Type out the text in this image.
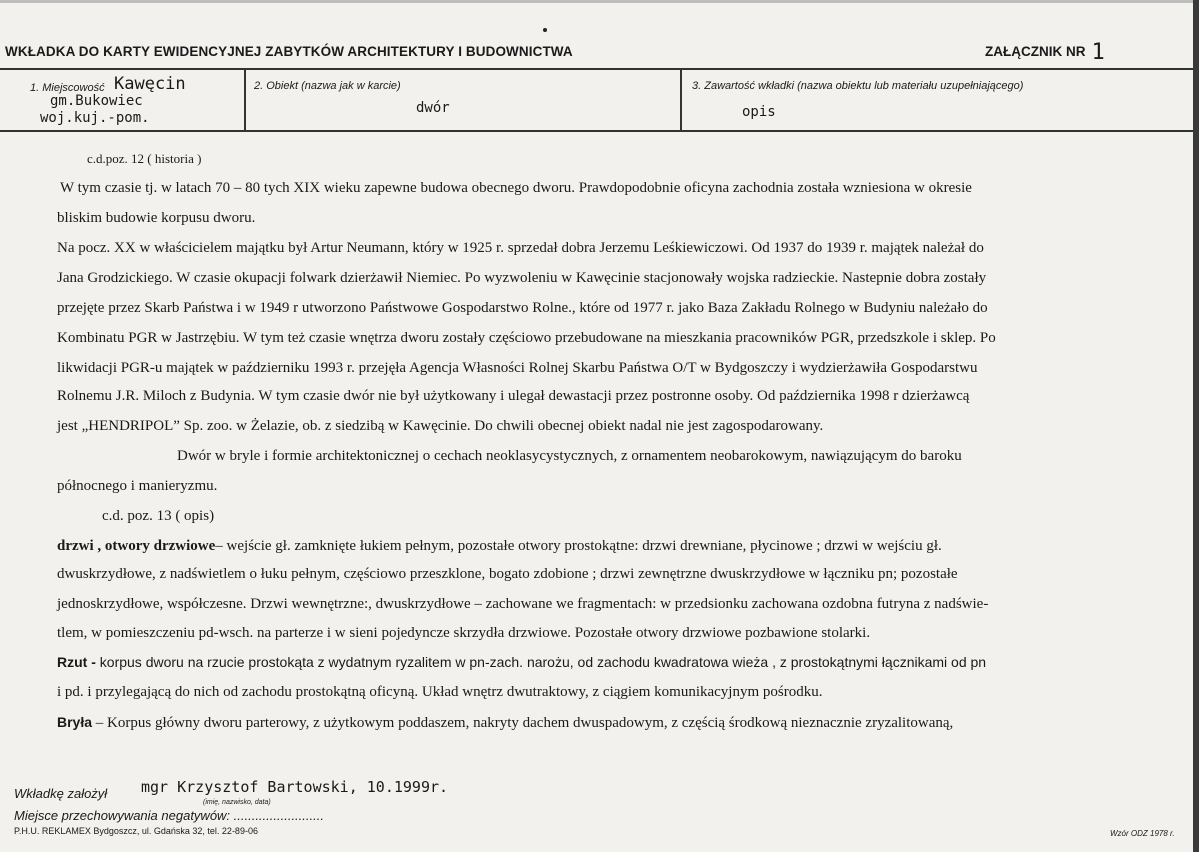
WKŁADKA DO KARTY EWIDENCYJNEJ ZABYTKÓW ARCHITEKTURY I BUDOWNICTWA	ZAŁĄCZNIK NR 1
1. Miejscowość Kawęcin
gm.Bukowiec
woj.kuj.-pom.
2. Obiekt (nazwa jak w karcie)
dwór
3. Zawartość wkładki (nazwa obiektu lub materiału uzupełniającego)
opis
c.d.poz. 12 ( historia )
W tym czasie tj. w latach 70 – 80 tych XIX wieku zapewne budowa obecnego dworu. Prawdopodobnie oficyna zachodnia została wzniesiona w okresie
bliskim budowie korpusu dworu.
Na pocz. XX w właścicielem majątku był Artur Neumann, który w 1925 r. sprzedał dobra Jerzemu Leśkiewiczowi. Od 1937 do 1939 r. majątek należał do
Jana Grodzickiego. W czasie okupacji folwark dzierżawił Niemiec. Po wyzwoleniu w Kawęcinie stacjonowały wojska radzieckie. Nastepnie dobra zostały
przejęte przez Skarb Państwa i w 1949 r utworzono Państwowe Gospodarstwo Rolne., które od 1977 r. jako Baza Zakładu Rolnego w Budyniu należało do
Kombinatu PGR w Jastrzębiu. W tym też czasie wnętrza dworu zostały częściowo przebudowane na mieszkania pracowników PGR, przedszkole i sklep. Po
likwidacji PGR-u majątek w październiku 1993 r. przejęła Agencja Własności Rolnej Skarbu Państwa O/T w Bydgoszczy i wydzierżawiła Gospodarstwu
Rolnemu J.R. Miloch z Budynia. W tym czasie dwór nie był użytkowany i ulegał dewastacji przez postronne osoby. Od października 1998 r dzierżawcą
jest „HENDRIPOL” Sp. zoo. w Żelazie, ob. z siedzibą w Kawęcinie. Do chwili obecnej obiekt nadal nie jest zagospodarowany.
Dwór w bryle i formie architektonicznej o cechach neoklasycystycznych, z ornamentem neobarokowym, nawiązującym do baroku
północnego i manieryzmu.
c.d. poz. 13 ( opis)
drzwi , otwory drzwiowe– wejście gł. zamknięte łukiem pełnym, pozostałe otwory prostokątne: drzwi drewniane, płycinowe ; drzwi w wejściu gł.
dwuskrzydłowe, z nadświetlem o łuku pełnym, częściowo przeszklone, bogato zdobione ; drzwi zewnętrzne dwuskrzydłowe w łączniku pn; pozostałe
jednoskrzydłowe, współczesne. Drzwi wewnętrzne:, dwuskrzydłowe – zachowane we fragmentach: w przedsionku zachowana ozdobna futryna z nadświe-
tlem, w pomieszczeniu pd-wsch. na parterze i w sieni pojedyncze skrzydła drzwiowe. Pozostałe otwory drzwiowe pozbawione stolarki.
Rzut - korpus dworu na rzucie prostokąta z wydatnym ryzalitem w pn-zach. narożu, od zachodu kwadratowa wieża , z prostokątnymi łącznikami od pn
i pd. i przylegającą do nich od zachodu prostokątną oficyną. Układ wnętrz dwutraktowy, z ciągiem komunikacyjnym pośrodku.
Bryła – Korpus główny dworu parterowy, z użytkowym poddaszem, nakryty dachem dwuspadowym, z częścią środkową nieznacznie zryzalitowaną,
Wkładkę założył mgr Krzysztof Bartowski, 10.1999r.
(imię, nazwisko, data)
Miejsce przechowywania negatywów: .........................
P.H.U. REKLAMEX Bydgoszcz, ul. Gdańska 32, tel. 22-89-06	Wzór ODZ 1978 r.
